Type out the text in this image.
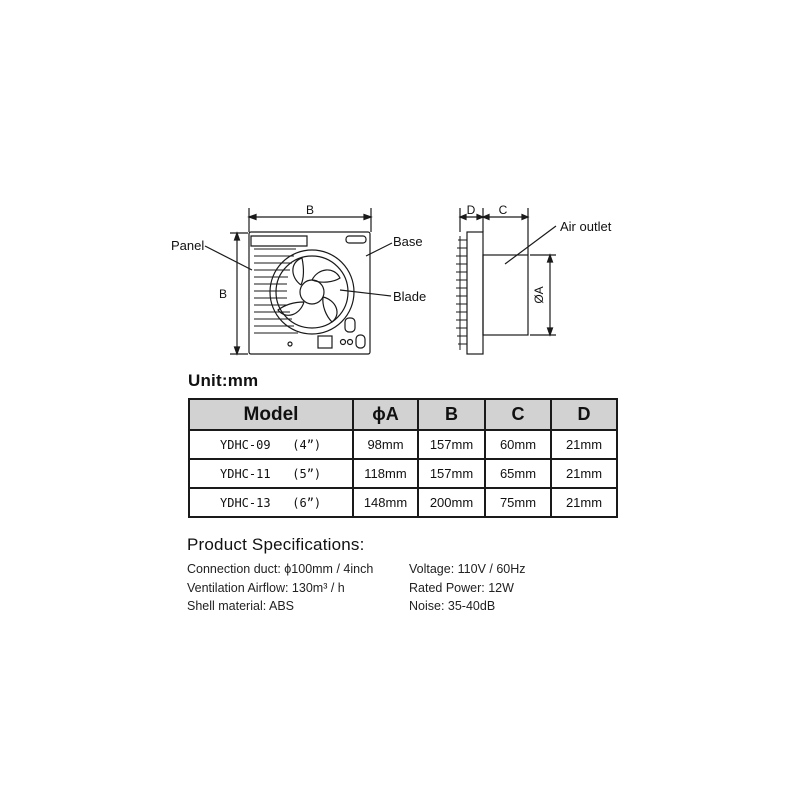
B
B
D C
ØA
Panel	Base
Blade
Air outlet
Unit:mm
Model	ϕA	B	C	D
YDHC-09   (4”)	98mm	157mm	60mm	21mm
YDHC-11   (5”)	118mm	157mm	65mm	21mm
YDHC-13   (6”)	148mm	200mm	75mm	21mm
Product Specifications:
Connection duct: ϕ100mm / 4inch
Ventilation Airflow: 130m³ / h
Shell material: ABS
Voltage: 110V / 60Hz
Rated Power: 12W
Noise: 35-40dB
